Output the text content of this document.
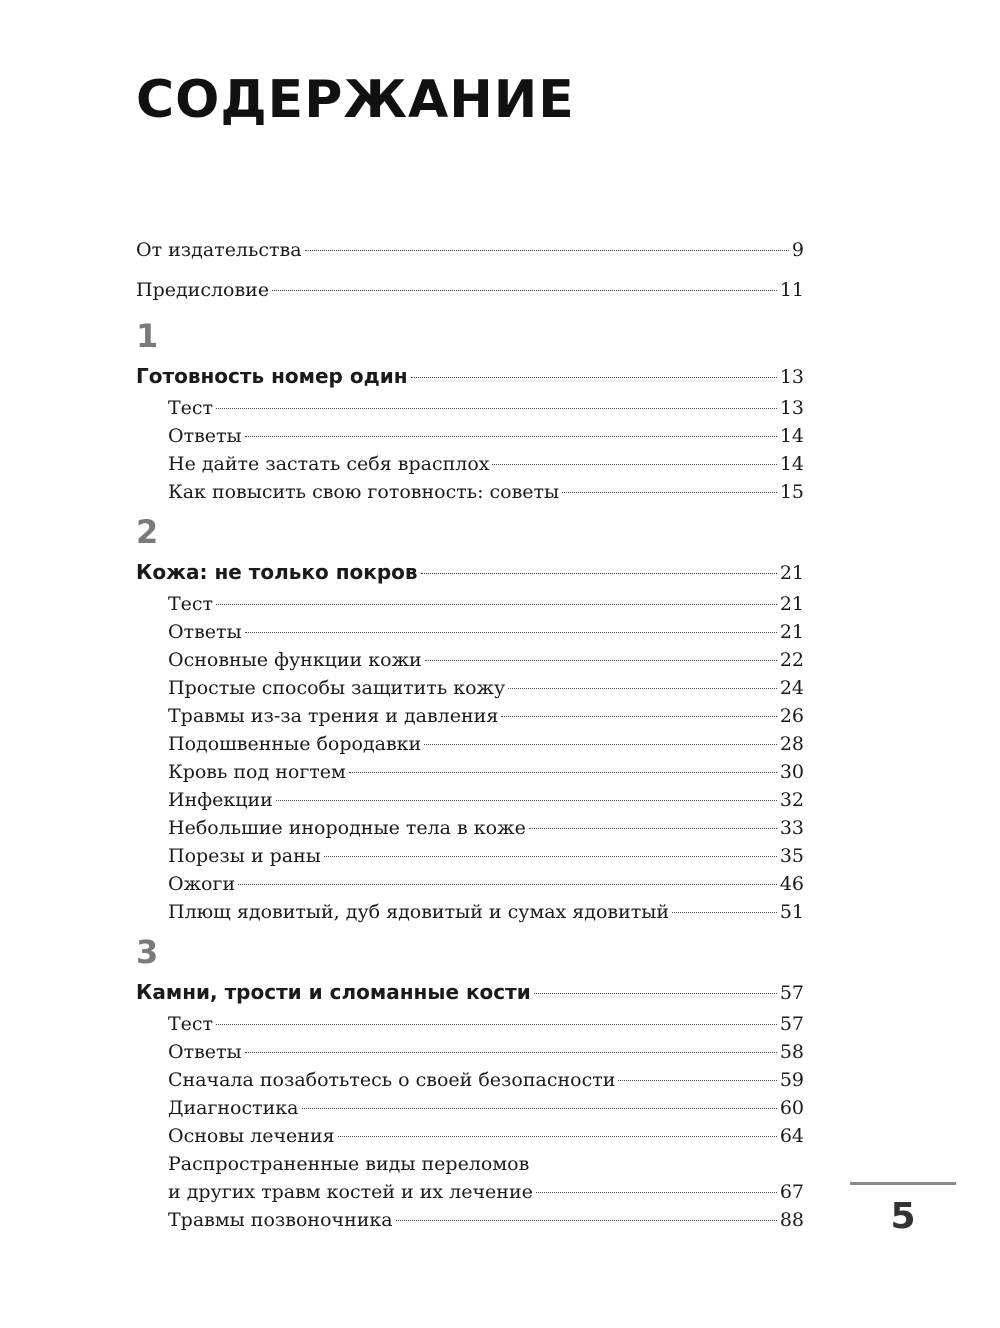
СОДЕРЖАНИЕ
От издательства	9
Предисловие	11
1
Готовность номер один	13
Тест	13
Ответы	14
Не дайте застать себя врасплох	14
Как повысить свою готовность: советы	15
2
Кожа: не только покров	21
Тест	21
Ответы	21
Основные функции кожи	22
Простые способы защитить кожу	24
Травмы из-за трения и давления	26
Подошвенные бородавки	28
Кровь под ногтем	30
Инфекции	32
Небольшие инородные тела в коже	33
Порезы и раны	35
Ожоги	46
Плющ ядовитый, дуб ядовитый и сумах ядовитый	51
3
Камни, трости и сломанные кости	57
Тест	57
Ответы	58
Сначала позаботьтесь о своей безопасности	59
Диагностика	60
Основы лечения	64
Распространенные виды переломов
и других травм костей и их лечение	67
Травмы позвоночника	88 5
